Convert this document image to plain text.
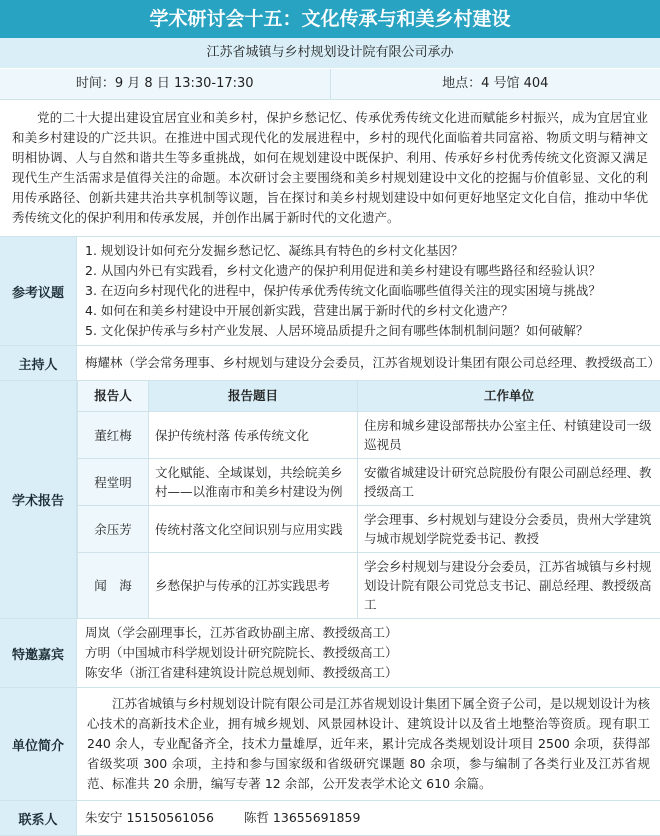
学术研讨会十五：文化传承与和美乡村建设
江苏省城镇与乡村规划设计院有限公司承办
时间：9 月 8 日 13:30-17:30	地点：4 号馆 404
党的二十大提出建设宜居宜业和美乡村，保护乡愁记忆、传承优秀传统文化进而赋能乡村振兴，成为宜居宜业和美乡村建设的广泛共识。在推进中国式现代化的发展进程中，乡村的现代化面临着共同富裕、物质文明与精神文明相协调、人与自然和谐共生等多重挑战，如何在规划建设中既保护、利用、传承好乡村优秀传统文化资源又满足现代生产生活需求是值得关注的命题。本次研讨会主要围绕和美乡村规划建设中文化的挖掘与价值彰显、文化的利用传承路径、创新共建共治共享机制等议题，旨在探讨和美乡村规划建设中如何更好地坚定文化自信，推动中华优秀传统文化的保护利用和传承发展，并创作出属于新时代的文化遗产。
参考议题
1. 规划设计如何充分发掘乡愁记忆、凝练具有特色的乡村文化基因？
2. 从国内外已有实践看，乡村文化遗产的保护利用促进和美乡村建设有哪些路径和经验认识？
3. 在迈向乡村现代化的进程中，保护传承优秀传统文化面临哪些值得关注的现实困境与挑战？
4. 如何在和美乡村建设中开展创新实践，营建出属于新时代的乡村文化遗产？
5. 文化保护传承与乡村产业发展、人居环境品质提升之间有哪些体制机制问题？如何破解？
主持人	梅耀林（学会常务理事、乡村规划与建设分会委员，江苏省规划设计集团有限公司总经理、教授级高工）
学术报告
报告人	报告题目	工作单位
董红梅	保护传统村落 传承传统文化	住房和城乡建设部帮扶办公室主任、村镇建设司一级巡视员
程堂明	文化赋能、全域谋划，共绘皖美乡村——以淮南市和美乡村建设为例	安徽省城建设计研究总院股份有限公司副总经理、教授级高工
余压芳	传统村落文化空间识别与应用实践	学会理事、乡村规划与建设分会委员，贵州大学建筑与城市规划学院党委书记、教授
闻　海	乡愁保护与传承的江苏实践思考	学会乡村规划与建设分会委员，江苏省城镇与乡村规划设计院有限公司党总支书记、副总经理、教授级高工
特邀嘉宾
周岚（学会副理事长，江苏省政协副主席、教授级高工）
方明（中国城市科学规划设计研究院院长、教授级高工）
陈安华（浙江省建科建筑设计院总规划师、教授级高工）
单位简介
江苏省城镇与乡村规划设计院有限公司是江苏省规划设计集团下属全资子公司，是以规划设计为核心技术的高新技术企业，拥有城乡规划、风景园林设计、建筑设计以及省土地整治等资质。现有职工 240 余人，专业配备齐全，技术力量雄厚，近年来，累计完成各类规划设计项目 2500 余项，获得部省级奖项 300 余项，主持和参与国家级和省级研究课题 80 余项，参与编制了各类行业及江苏省规范、标准共 20 余册，编写专著 12 余部，公开发表学术论文 610 余篇。
联系人	朱安宁 15150561056 陈哲 13655691859
